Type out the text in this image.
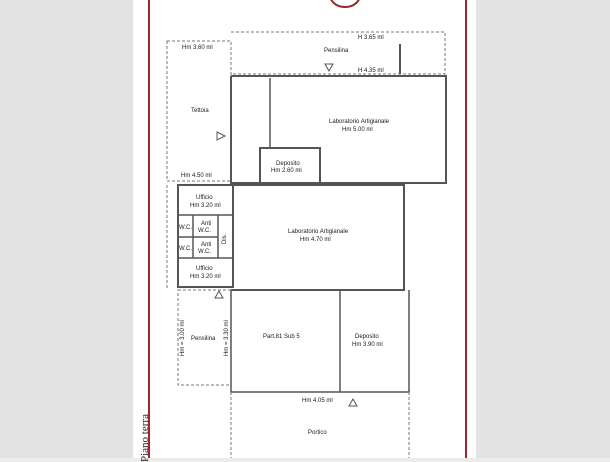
Hm 3.60 ml
Tettoia
Hm 4.50 ml
H 3.65 ml
Pensilina
H 4.35 ml
Laboratorio Artigianale
Hm 5.00 ml
Deposito
Hm 2.60 ml
Ufficio
Hm 3.20 ml
W.C.
W.C.
Anti
W.C.
Anti
W.C.
Dis.
Laboratorio Artigianale
Hm 4.70 ml
Ufficio
Hm 3.20 ml
Pensilina
Hm = 3.00 ml	Hm = 3.30 ml	Part.81 Sub 5	Deposito
Hm 3.90 ml
Hm 4.05 ml
Portico
Piano terra
